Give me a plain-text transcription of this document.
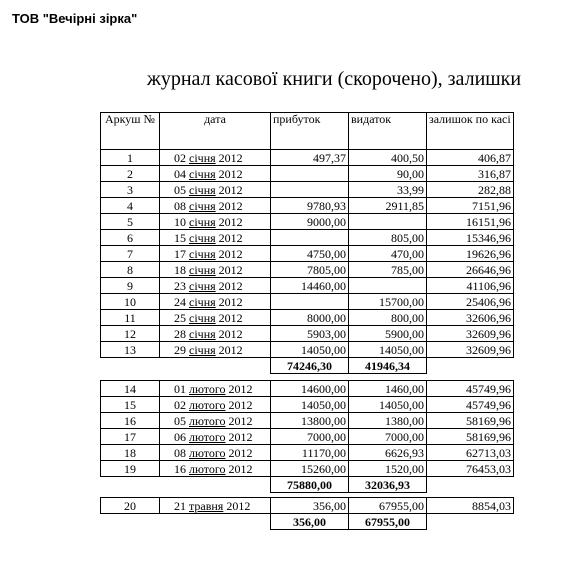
ТОВ "Вечірні зірка"
журнал касової книги (скорочено), залишки
Аркуш №	дата	прибуток	видаток	залишок по касі
1	02 січня 2012	497,37	400,50	406,87
2	04 січня 2012		90,00	316,87
3	05 січня 2012		33,99	282,88
4	08 січня 2012	9780,93	2911,85	7151,96
5	10 січня 2012	9000,00		16151,96
6	15 січня 2012		805,00	15346,96
7	17 січня 2012	4750,00	470,00	19626,96
8	18 січня 2012	7805,00	785,00	26646,96
9	23 січня 2012	14460,00		41106,96
10	24 січня 2012		15700,00	25406,96
11	25 січня 2012	8000,00	800,00	32606,96
12	28 січня 2012	5903,00	5900,00	32609,96
13	29 січня 2012	14050,00	14050,00	32609,96
		74246,30	41946,34	

14	01 лютого 2012	14600,00	1460,00	45749,96
15	02 лютого 2012	14050,00	14050,00	45749,96
16	05 лютого 2012	13800,00	1380,00	58169,96
17	06 лютого 2012	7000,00	7000,00	58169,96
18	08 лютого 2012	11170,00	6626,93	62713,03
19	16 лютого 2012	15260,00	1520,00	76453,03
		75880,00	32036,93	

20	21 травня 2012	356,00	67955,00	8854,03
		356,00	67955,00	
